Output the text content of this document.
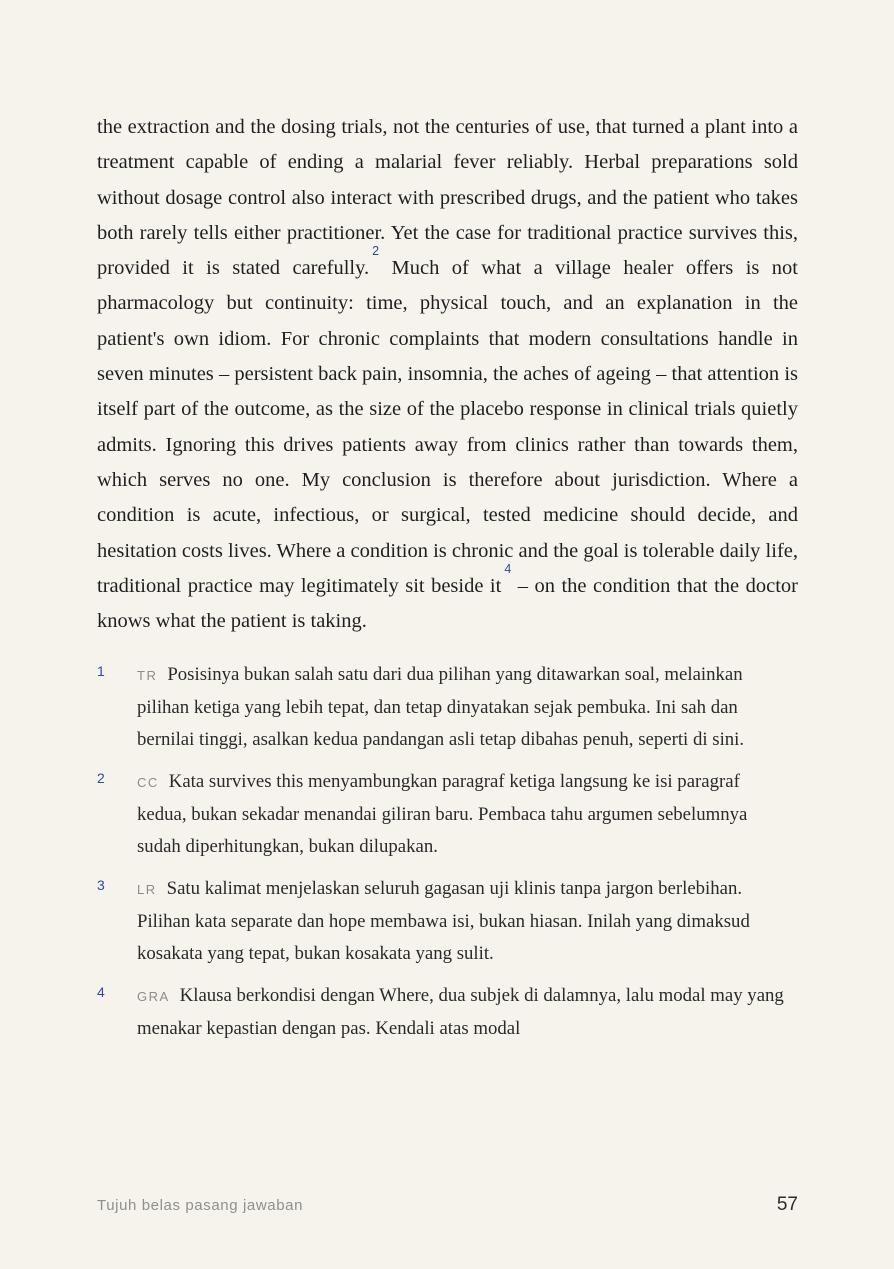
the extraction and the dosing trials, not the centuries of use, that turned a plant into a treatment capable of ending a malarial fever reliably. Herbal preparations sold without dosage control also interact with prescribed drugs, and the patient who takes both rarely tells either practitioner. Yet the case for traditional practice survives this, provided it is stated carefully.$^2$ Much of what a village healer offers is not pharmacology but continuity: time, physical touch, and an explanation in the patient's own idiom. For chronic complaints that modern consultations handle in seven minutes – persistent back pain, insomnia, the aches of ageing – that attention is itself part of the outcome, as the size of the placebo response in clinical trials quietly admits. Ignoring this drives patients away from clinics rather than towards them, which serves no one. My conclusion is therefore about jurisdiction. Where a condition is acute, infectious, or surgical, tested medicine should decide, and hesitation costs lives. Where a condition is chronic and the goal is tolerable daily life, traditional practice may legitimately sit beside $it^4$ – on the condition that the doctor knows what the patient is taking.

1	TR Posisinya bukan salah satu dari dua pilihan yang ditawarkan soal, melainkan pilihan ketiga yang lebih tepat, dan tetap dinyatakan sejak pembuka. Ini sah dan bernilai tinggi, asalkan kedua pandangan asli tetap dibahas penuh, seperti di sini.
2	CC Kata survives this menyambungkan paragraf ketiga langsung ke isi paragraf kedua, bukan sekadar menandai giliran baru. Pembaca tahu argumen sebelumnya sudah diperhitungkan, bukan dilupakan.
3	LR Satu kalimat menjelaskan seluruh gagasan uji klinis tanpa jargon berlebihan. Pilihan kata separate dan hope membawa isi, bukan hiasan. Inilah yang dimaksud kosakata yang tepat, bukan kosakata yang sulit.
4	GRA Klausa berkondisi dengan Where, dua subjek di dalamnya, lalu modal may yang menakar kepastian dengan pas. Kendali atas modal
Tujuh belas pasang jawaban	57
